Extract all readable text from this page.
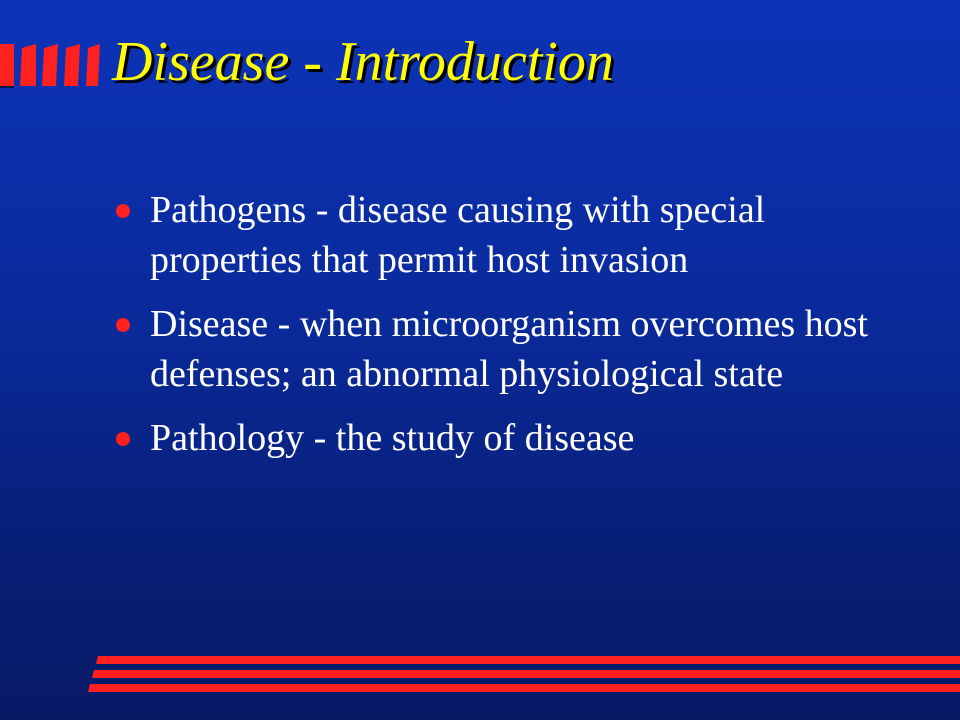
Disease - Introduction
Pathogens - disease causing with special properties that permit host invasion
Disease - when microorganism overcomes host defenses; an abnormal physiological state
Pathology - the study of disease
